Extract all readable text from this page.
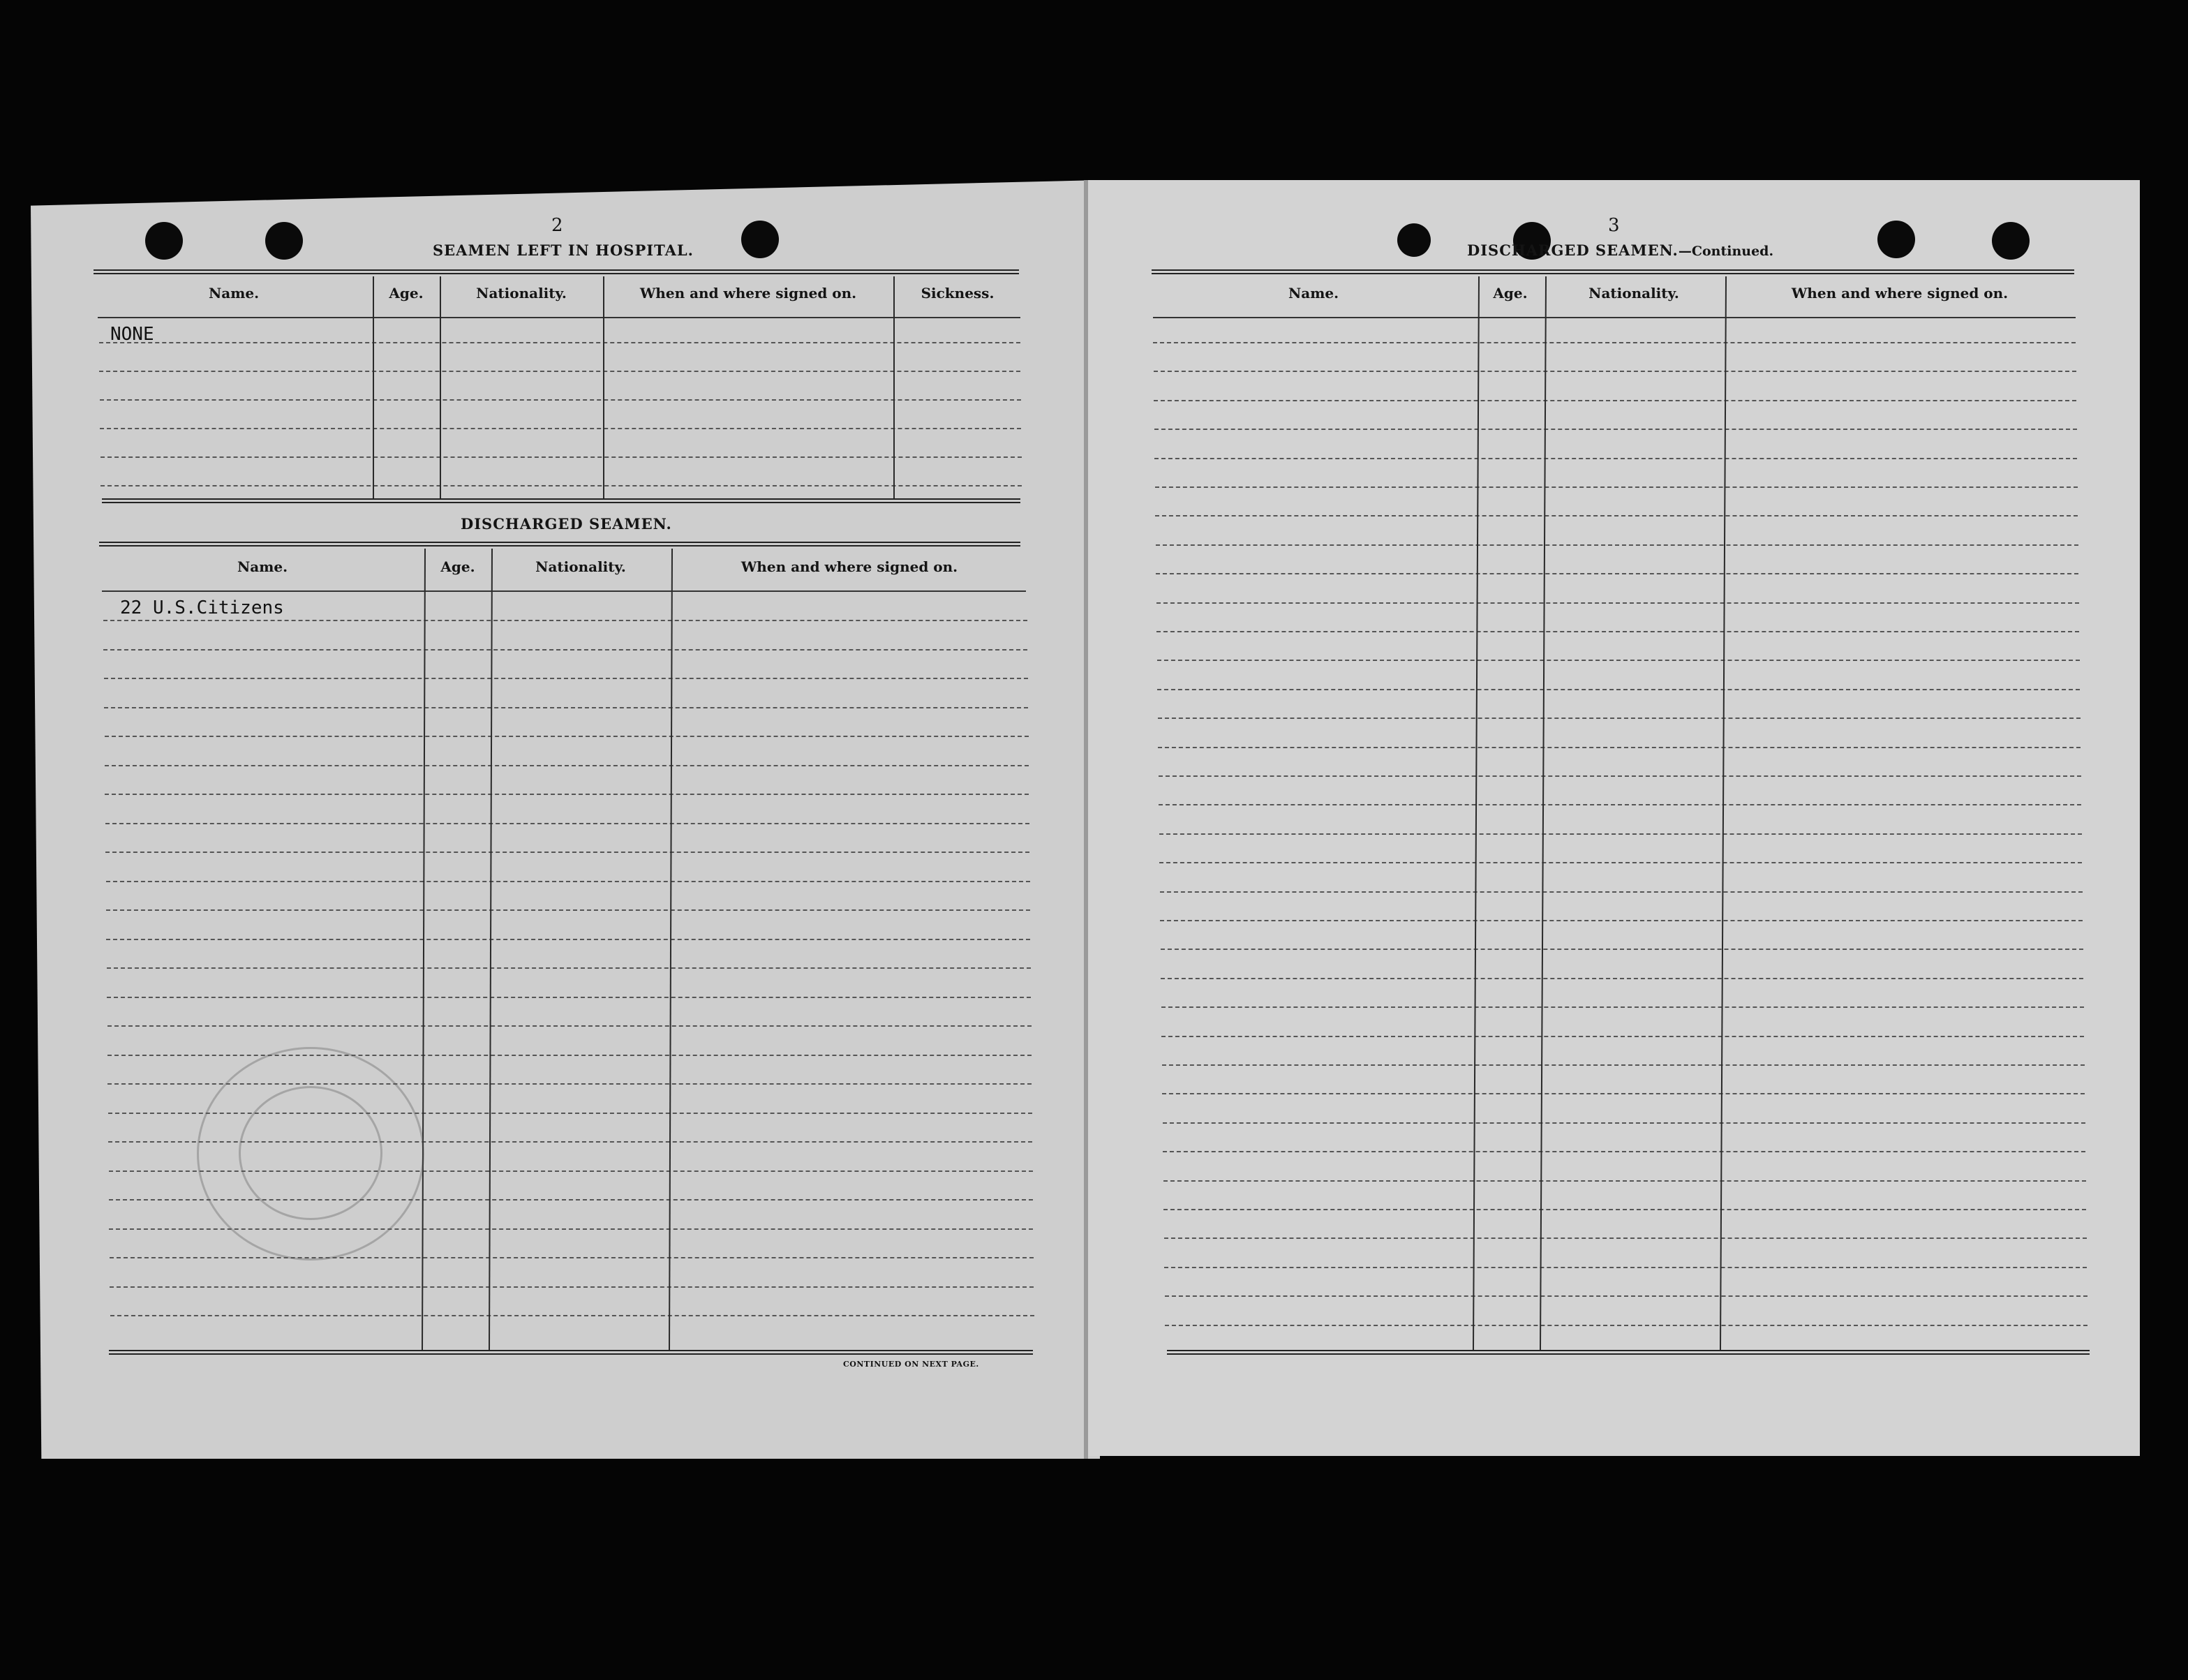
2
SEAMEN LEFT IN HOSPITAL.
Name.	Age.	Nationality.	When and where signed on.	Sickness.
NONE
DISCHARGED SEAMEN.
Name.	Age.	Nationality.	When and where signed on.
22 U.S.Citizens
CONTINUED ON NEXT PAGE.
3
DISCHARGED SEAMEN.—Continued.
Name.	Age.	Nationality.	When and where signed on.
